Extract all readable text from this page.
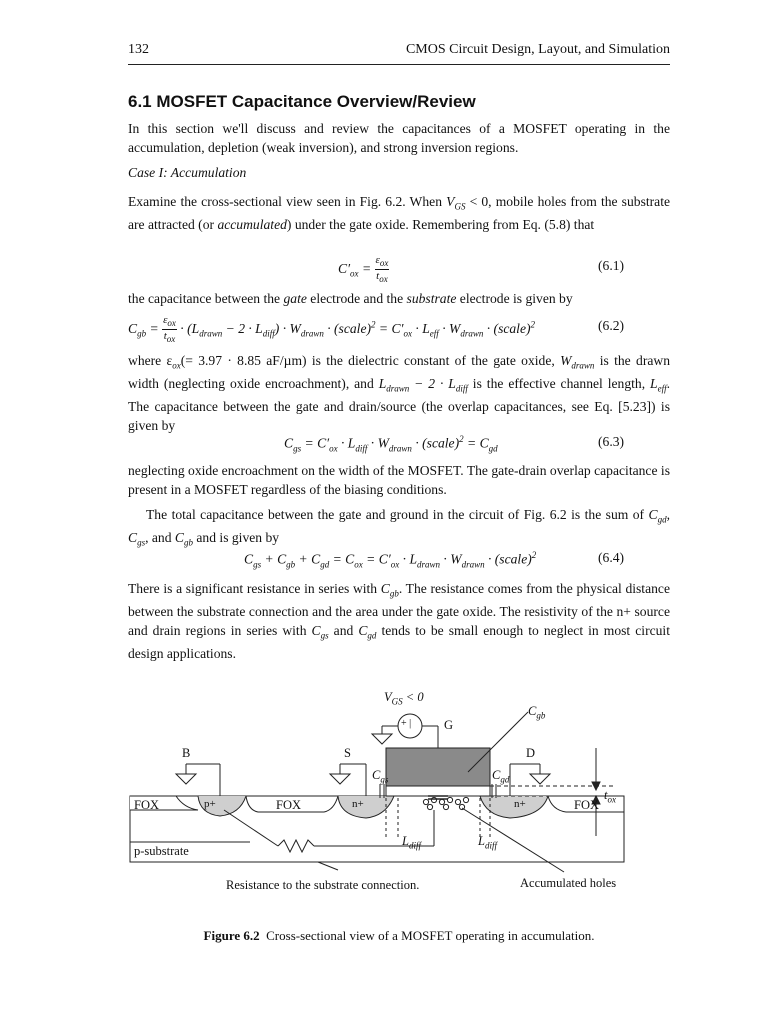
132	CMOS Circuit Design, Layout, and Simulation
6.1 MOSFET Capacitance Overview/Review

In this section we'll discuss and review the capacitances of a MOSFET operating in the accumulation, depletion (weak inversion), and strong inversion regions.

Case I: Accumulation

Examine the cross-sectional view seen in Fig. 6.2. When $V_{GS} < 0$, mobile holes from the substrate are attracted (or accumulated) under the gate oxide. Remembering from Eq. (5.8) that

$C'_{ox} = \frac{\varepsilon_{ox}}{t_{ox}}$	(6.1)

the capacitance between the gate electrode and the substrate electrode is given by

$C_{gb} = \frac{\varepsilon_{ox}}{t_{ox}} \cdot (L_{drawn} - 2 \cdot L_{diff}) \cdot W_{drawn}$ · (scale)$^2$ = $C'_{ox} \cdot L_{eff} \cdot W_{drawn}$ · (scale)$^2$	(6.2)

where $\varepsilon_{ox}(= 3.97 \cdot 8.85$ aF/µm) is the dielectric constant of the gate oxide, $W_{drawn}$ is the drawn width (neglecting oxide encroachment), and $L_{drawn} - 2 \cdot L_{diff}$ is the effective channel length, $L_{eff}$. The capacitance between the gate and drain/source (the overlap capacitances, see Eq. [5.23]) is given by

$C_{gs} = C'_{ox} \cdot L_{diff} \cdot W_{drawn}$ · (scale)$^2$ = $C_{gd}$	(6.3)

neglecting oxide encroachment on the width of the MOSFET. The gate-drain overlap capacitance is present in a MOSFET regardless of the biasing conditions.

The total capacitance between the gate and ground in the circuit of Fig. 6.2 is the sum of $C_{gd}$, $C_{gs}$, and $C_{gb}$ and is given by

$C_{gs} + C_{gb} + C_{gd} = C_{ox} = C'_{ox} \cdot L_{drawn} \cdot W_{drawn}$ · (scale)$^2$	(6.4)

There is a significant resistance in series with $C_{gb}$. The resistance comes from the physical distance between the substrate connection and the area under the gate oxide. The resistivity of the n+ source and drain regions in series with $C_{gs}$ and $C_{gd}$ tends to be small enough to neglect in most circuit design applications.

$V_{GS} < 0$
+ |	G
B	S	D
$C_{gb}$
$C_{gs}$	$C_{gd}$
FOX	FOX	FOX
p+	n+	n+
$L_{diff}$	$L_{diff}$
$t_{ox}$
p-substrate
Resistance to the substrate connection.	Accumulated holes
Figure 6.2 Cross-sectional view of a MOSFET operating in accumulation.
